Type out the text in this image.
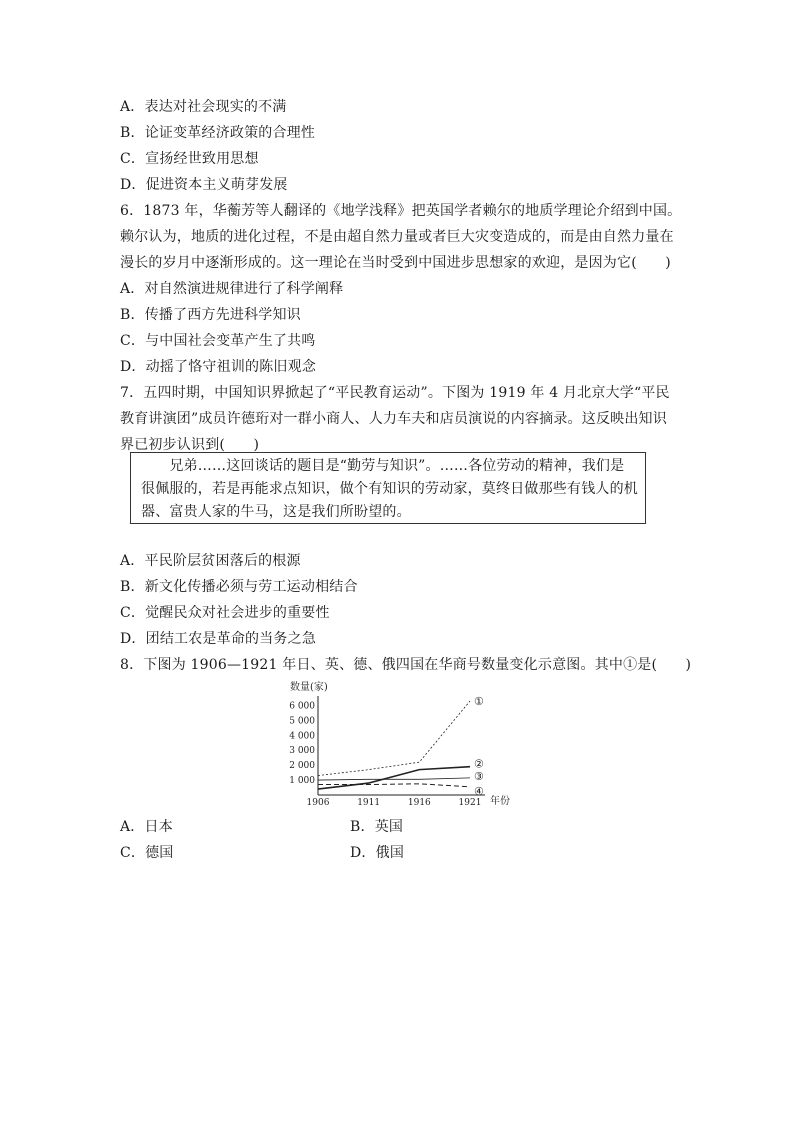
A．表达对社会现实的不满
B．论证变革经济政策的合理性
C．宣扬经世致用思想
D．促进资本主义萌芽发展
6．1873 年，华蘅芳等人翻译的《地学浅释》把英国学者赖尔的地质学理论介绍到中国。
赖尔认为，地质的进化过程，不是由超自然力量或者巨大灾变造成的，而是由自然力量在
漫长的岁月中逐渐形成的。这一理论在当时受到中国进步思想家的欢迎，是因为它(　　)
A．对自然演进规律进行了科学阐释
B．传播了西方先进科学知识
C．与中国社会变革产生了共鸣
D．动摇了恪守祖训的陈旧观念
7．五四时期，中国知识界掀起了“平民教育运动”。下图为 1919 年 4 月北京大学“平民
教育讲演团”成员许德珩对一群小商人、人力车夫和店员演说的内容摘录。这反映出知识
界已初步认识到(　　)
　　兄弟……这回谈话的题目是“勤劳与知识”。……各位劳动的精神，我们是
很佩服的，若是再能求点知识，做个有知识的劳动家，莫终日做那些有钱人的机
器、富贵人家的牛马，这是我们所盼望的。
A．平民阶层贫困落后的根源
B．新文化传播必须与劳工运动相结合
C．觉醒民众对社会进步的重要性
D．团结工农是革命的当务之急
8．下图为 1906—1921 年日、英、德、俄四国在华商号数量变化示意图。其中①是(　　)
数量(家)
1 000
2 000
3 000
4 000
5 000
6 000
1906	1911	1916	1921 年份
①
②
③
④
A．日本	B．英国
C．德国	D．俄国
